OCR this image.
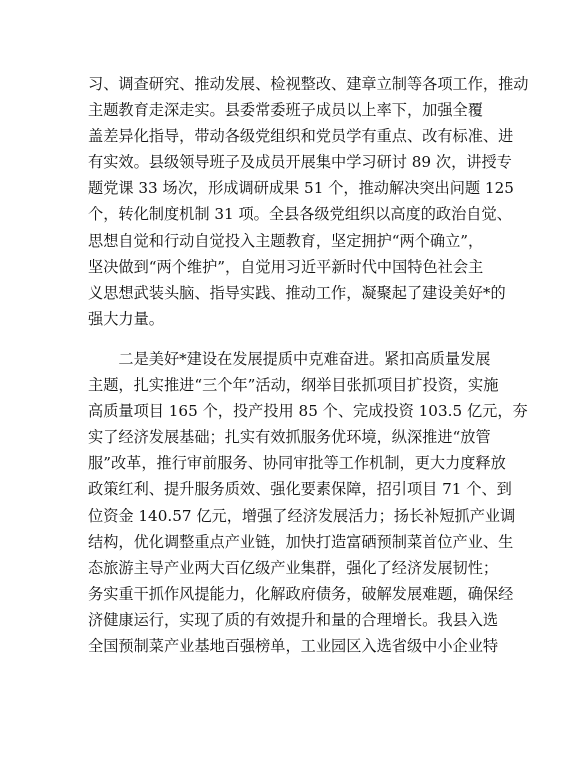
习、调查研究、推动发展、检视整改、建章立制等各项工作，推动
主题教育走深走实。县委常委班子成员以上率下，加强全覆
盖差异化指导，带动各级党组织和党员学有重点、改有标准、进
有实效。县级领导班子及成员开展集中学习研讨 89 次，讲授专
题党课 33 场次，形成调研成果 51 个，推动解决突出问题 125
个，转化制度机制 31 项。全县各级党组织以高度的政治自觉、
思想自觉和行动自觉投入主题教育，坚定拥护“两个确立”，
坚决做到“两个维护”，自觉用习近平新时代中国特色社会主
义思想武装头脑、指导实践、推动工作，凝聚起了建设美好*的
强大力量。
　　二是美好*建设在发展提质中克难奋进。紧扣高质量发展
主题，扎实推进“三个年”活动，纲举目张抓项目扩投资，实施
高质量项目 165 个，投产投用 85 个、完成投资 103.5 亿元，夯
实了经济发展基础；扎实有效抓服务优环境，纵深推进“放管
服”改革，推行审前服务、协同审批等工作机制，更大力度释放
政策红利、提升服务质效、强化要素保障，招引项目 71 个、到
位资金 140.57 亿元，增强了经济发展活力；扬长补短抓产业调
结构，优化调整重点产业链，加快打造富硒预制菜首位产业、生
态旅游主导产业两大百亿级产业集群，强化了经济发展韧性；
务实重干抓作风提能力，化解政府债务，破解发展难题，确保经
济健康运行，实现了质的有效提升和量的合理增长。我县入选
全国预制菜产业基地百强榜单，工业园区入选省级中小企业特
